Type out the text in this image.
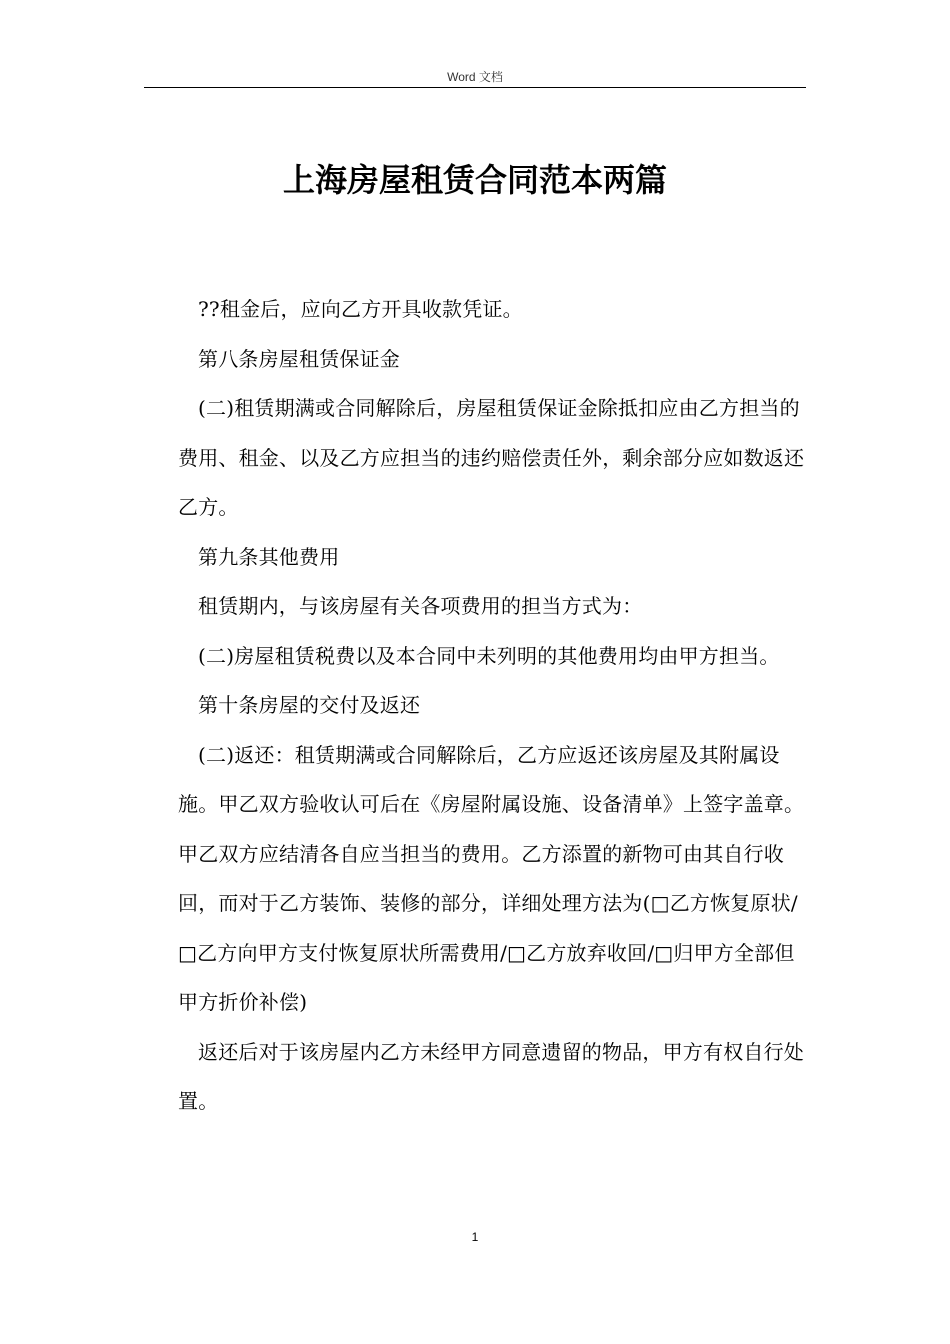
Word 文档
上海房屋租赁合同范本两篇

??租金后，应向乙方开具收款凭证。

第八条房屋租赁保证金

(二)租赁期满或合同解除后，房屋租赁保证金除抵扣应由乙方担当的费用、租金、以及乙方应担当的违约赔偿责任外，剩余部分应如数返还乙方。

第九条其他费用

租赁期内，与该房屋有关各项费用的担当方式为：

(二)房屋租赁税费以及本合同中未列明的其他费用均由甲方担当。

第十条房屋的交付及返还

(二)返还：租赁期满或合同解除后，乙方应返还该房屋及其附属设施。甲乙双方验收认可后在《房屋附属设施、设备清单》上签字盖章。甲乙双方应结清各自应当担当的费用。乙方添置的新物可由其自行收回，而对于乙方装饰、装修的部分，详细处理方法为(□乙方恢复原状/□乙方向甲方支付恢复原状所需费用/□乙方放弃收回/□归甲方全部但甲方折价补偿)

返还后对于该房屋内乙方未经甲方同意遗留的物品，甲方有权自行处置。

1
